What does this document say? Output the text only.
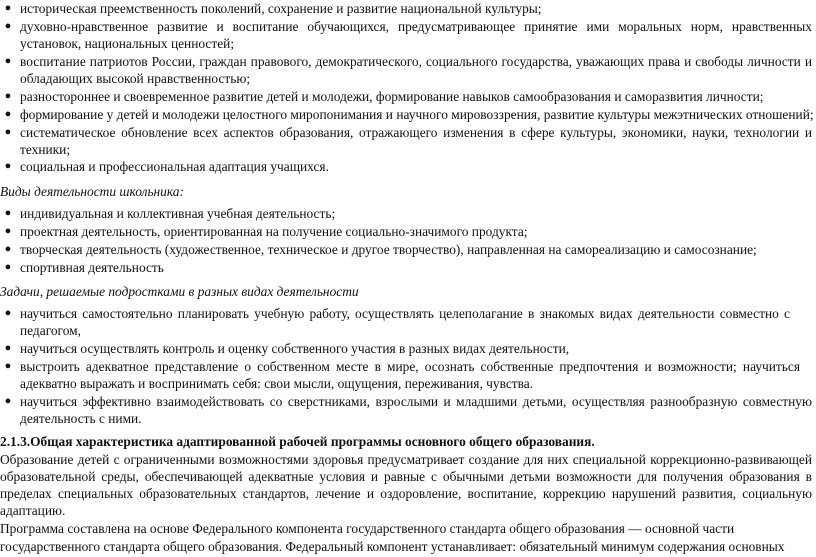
● историческая преемственность поколений, сохранение и развитие национальной культуры;
● духовно-нравственное развитие и воспитание обучающихся, предусматривающее принятие ими моральных норм, нравственных
установок, национальных ценностей;
● воспитание патриотов России, граждан правового, демократического, социального государства, уважающих права и свободы личности и
обладающих высокой нравственностью;
● разностороннее и своевременное развитие детей и молодежи, формирование навыков самообразования и саморазвития личности;
● формирование у детей и молодежи целостного миропонимания и научного мировоззрения, развитие культуры межэтнических отношений;
● систематическое обновление всех аспектов образования, отражающего изменения в сфере культуры, экономики, науки, технологии и
техники;
● социальная и профессиональная адаптация учащихся.
Виды деятельности школьника:
● индивидуальная и коллективная учебная деятельность;
● проектная деятельность, ориентированная на получение социально-значимого продукта;
● творческая деятельность (художественное, техническое и другое творчество), направленная на самореализацию и самосознание;
● спортивная деятельность
Задачи, решаемые подростками в разных видах деятельности
● научиться самостоятельно планировать учебную работу, осуществлять целеполагание в знакомых видах деятельности совместно с
педагогом,
● научиться осуществлять контроль и оценку собственного участия в разных видах деятельности,
● выстроить адекватное представление о собственном месте в мире, осознать собственные предпочтения и возможности; научиться
адекватно выражать и воспринимать себя: свои мысли, ощущения, переживания, чувства.
● научиться эффективно взаимодействовать со сверстниками, взрослыми и младшими детьми, осуществляя разнообразную совместную
деятельность с ними.
2.1.3.Общая характеристика адаптированной рабочей программы основного общего образования.
Образование детей с ограниченными возможностями здоровья предусматривает создание для них специальной коррекционно-развивающей
образовательной среды, обеспечивающей адекватные условия и равные с обычными детьми возможности для получения образования в
пределах специальных образовательных стандартов, лечение и оздоровление, воспитание, коррекцию нарушений развития, социальную
адаптацию.
Программа составлена на основе Федерального компонента государственного стандарта общего образования — основной части
государственного стандарта общего образования. Федеральный компонент устанавливает: обязательный минимум содержания основных
